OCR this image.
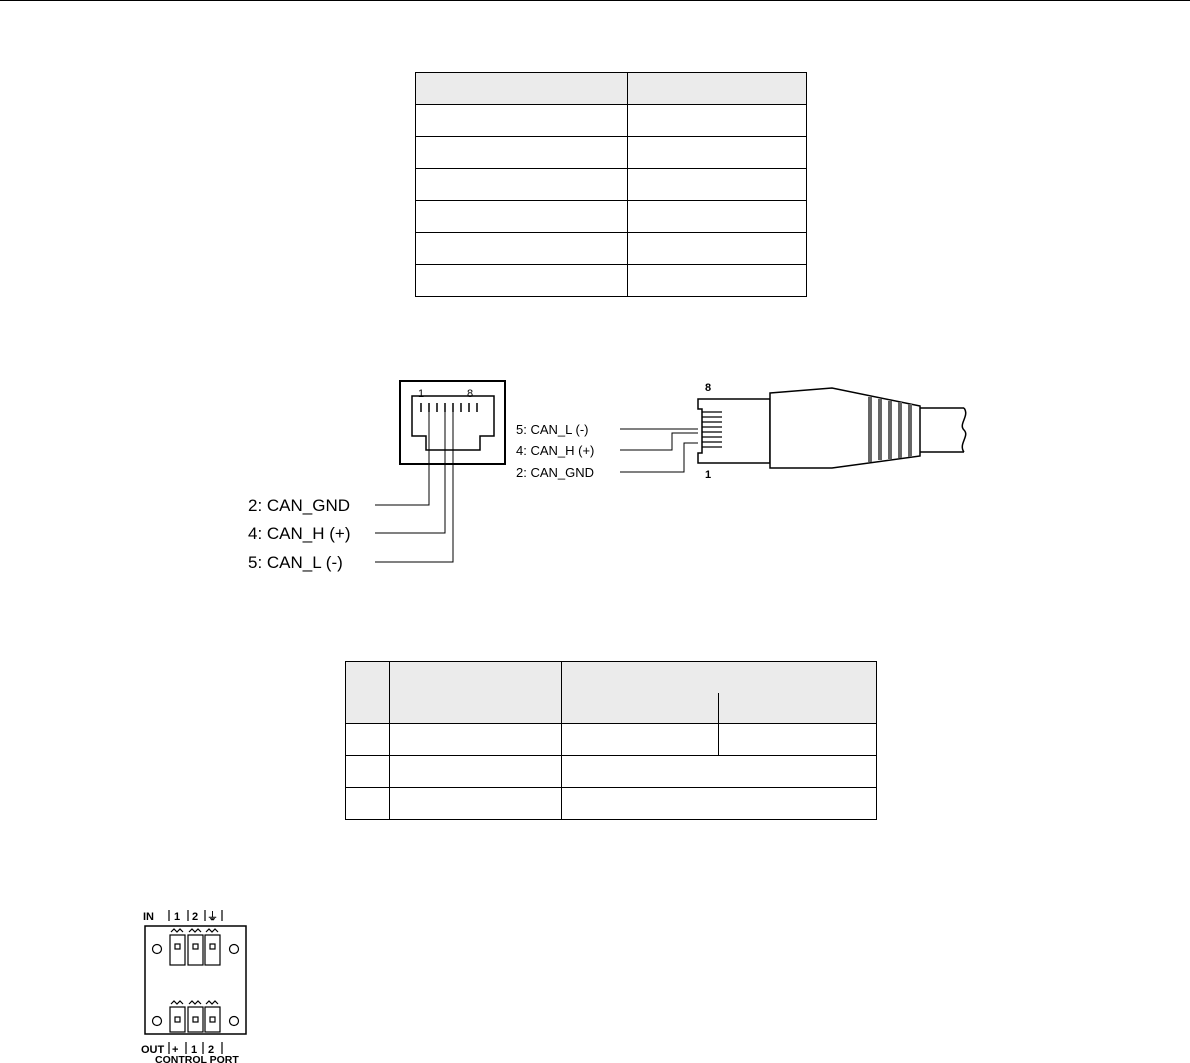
1	8
2: CAN_GND
4: CAN_H (+)
5: CAN_L (-)
5: CAN_L (-)
4: CAN_H (+)
2: CAN_GND
8
1

IN 1 2 ⏚
OUT + 1 2
CONTROL PORT
